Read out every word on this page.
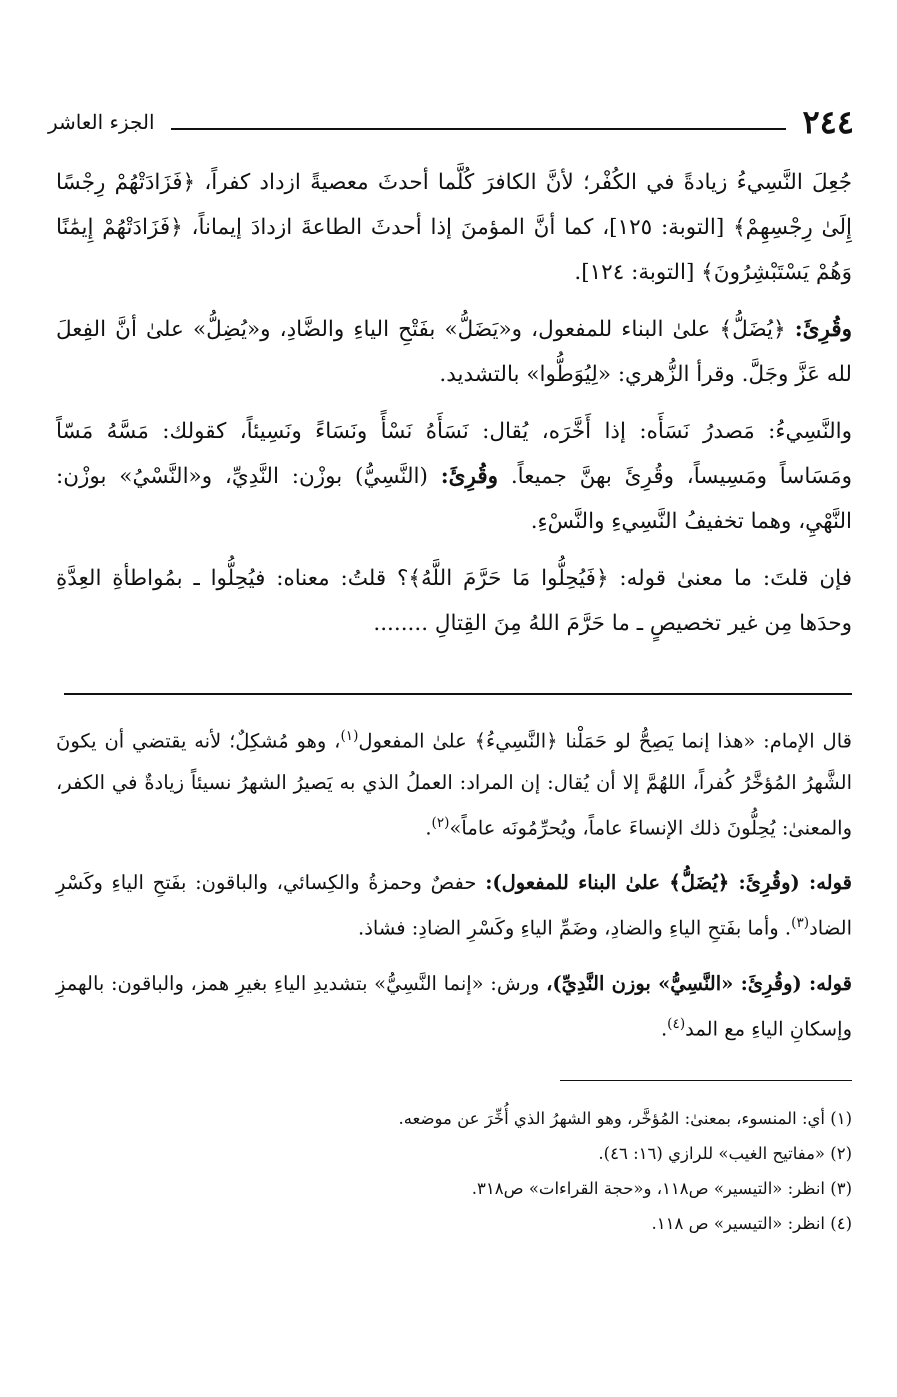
٢٤٤
الجزء العاشر

جُعِلَ النَّسِيءُ زيادةً في الكُفْر؛ لأنَّ الكافرَ كُلَّما أحدثَ معصيةً ازداد كفراً، ﴿فَزَادَتْهُمْ رِجْسًا إِلَىٰ رِجْسِهِمْ﴾ [التوبة: ١٢٥]، كما أنَّ المؤمنَ إذا أحدثَ الطاعةَ ازدادَ إيماناً، ﴿فَزَادَتْهُمْ إِيمَٰنًا وَهُمْ يَسْتَبْشِرُونَ﴾ [التوبة: ١٢٤].

وقُرِئَ: ﴿يُضَلُّ﴾ علىٰ البناء للمفعول، و«يَضَلُّ» بفَتْحِ الياءِ والضَّادِ، و«يُضِلُّ» علىٰ أنَّ الفِعلَ لله عَزَّ وجَلَّ. وقرأ الزُّهري: «لِيُوَطُّوا» بالتشديد.

والنَّسِيءُ: مَصدرُ نَسَأَه: إذا أَخَّرَه، يُقال: نَسَأَهُ نَسْأً ونَسَاءً ونَسِيئاً، كقولك: مَسَّهُ مَسّاً ومَسَاساً ومَسِيساً، وقُرِئَ بهنَّ جميعاً. وقُرِئَ: (النَّسِيُّ) بوزْن: النَّدِيِّ، و«النَّسْيُ» بوزْن: النَّهْيِ، وهما تخفيفُ النَّسِيءِ والنَّسْءِ.

فإن قلتَ: ما معنىٰ قوله: ﴿فَيُحِلُّوا مَا حَرَّمَ اللَّهُ﴾؟ قلتُ: معناه: فيُحِلُّوا ـ بمُواطأةِ العِدَّةِ وحدَها مِن غير تخصيصٍ ـ ما حَرَّمَ اللهُ مِنَ القِتالِ ........

قال الإمام: «هذا إنما يَصِحُّ لو حَمَلْنا ﴿النَّسِيءُ﴾ علىٰ المفعول$^{(١)}$، وهو مُشكِلٌ؛ لأنه يقتضي أن يكونَ الشَّهرُ المُؤخَّرُ كُفراً، اللهُمَّ إلا أن يُقال: إن المراد: العملُ الذي به يَصيرُ الشهرُ نسيئاً زيادةٌ في الكفر، والمعنىٰ: يُحِلُّونَ ذلك الإنساءَ عاماً، ويُحرِّمُونَه عاماً»$^{(٢)}$.

قوله: (وقُرِئَ: ﴿يُضَلُّ﴾ علىٰ البناء للمفعول): حفصٌ وحمزةُ والكِسائي، والباقون: بفَتحِ الياءِ وكَسْرِ الضاد$^{(٣)}$. وأما بفَتحِ الياءِ والضادِ، وضَمِّ الياءِ وكَسْرِ الضادِ: فشاذ.

قوله: (وقُرِئَ: «النَّسِيُّ» بوزن النَّدِيِّ)، ورش: «إنما النَّسِيُّ» بتشديدِ الياءِ بغيرِ همز، والباقون: بالهمزِ وإسكانِ الياءِ مع المد$^{(٤)}$.

(١) أي: المنسوء، بمعنىٰ: المُؤخَّر، وهو الشهرُ الذي أُخِّرَ عن موضعه.

(٢) «مفاتيح الغيب» للرازي (١٦: ٤٦).

(٣) انظر: «التيسير» ص١١٨، و«حجة القراءات» ص٣١٨.

(٤) انظر: «التيسير» ص ١١٨.
